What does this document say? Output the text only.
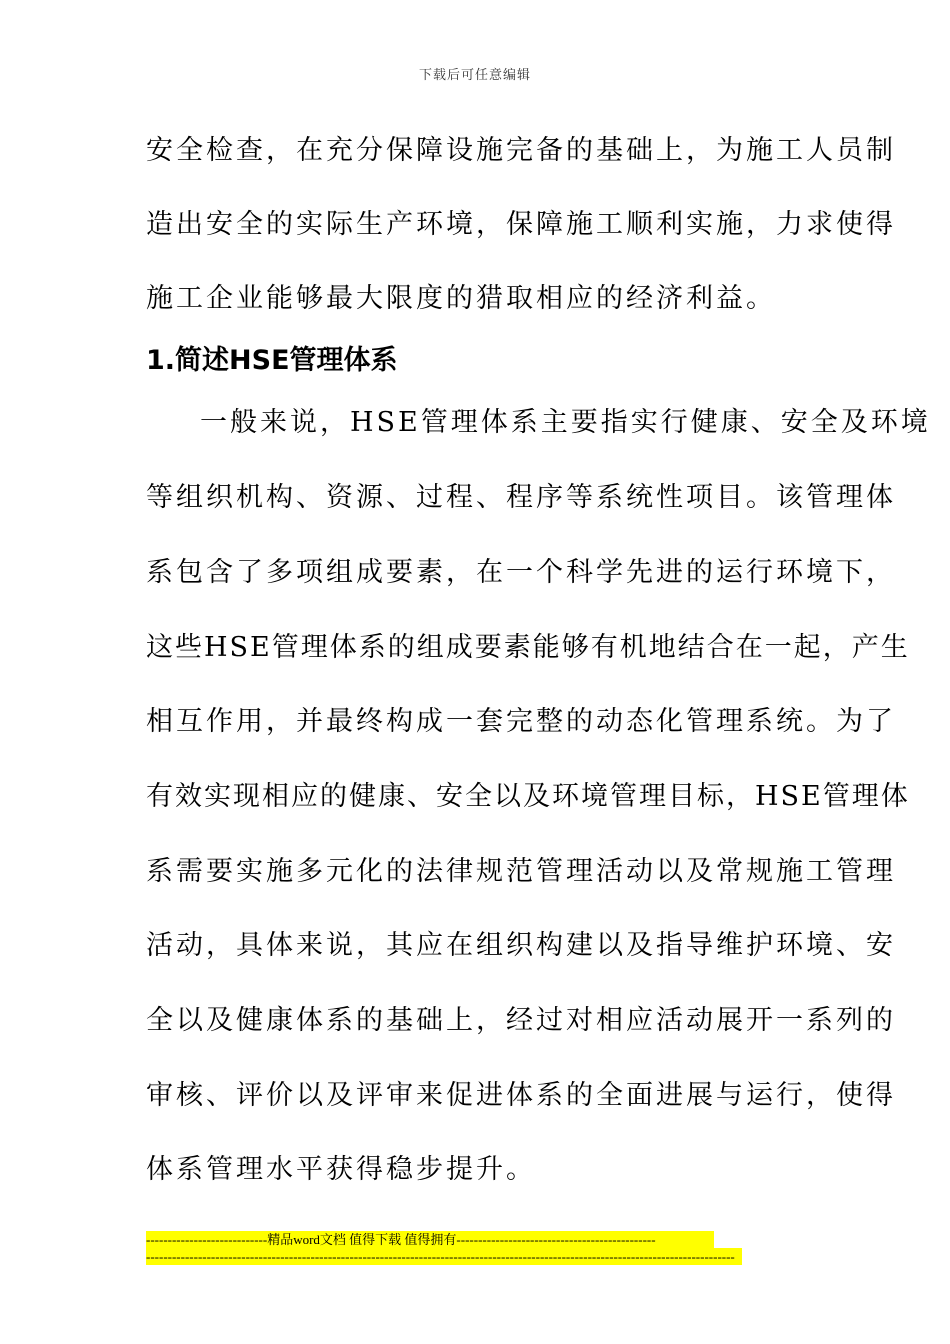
下载后可任意编辑
安全检查，在充分保障设施完备的基础上，为施工人员制
造出安全的实际生产环境，保障施工顺利实施，力求使得
施工企业能够最大限度的猎取相应的经济利益。
1.简述HSE管理体系
一般来说，HSE管理体系主要指实行健康、安全及环境
等组织机构、资源、过程、程序等系统性项目。该管理体
系包含了多项组成要素，在一个科学先进的运行环境下，
这些HSE管理体系的组成要素能够有机地结合在一起，产生
相互作用，并最终构成一套完整的动态化管理系统。为了
有效实现相应的健康、安全以及环境管理目标，HSE管理体
系需要实施多元化的法律规范管理活动以及常规施工管理
活动，具体来说，其应在组织构建以及指导维护环境、安
全以及健康体系的基础上，经过对相应活动展开一系列的
审核、评价以及评审来促进体系的全面进展与运行，使得
体系管理水平获得稳步提升。
----------------------------精品word文档 值得下载 值得拥有----------------------------------------------
----------------------------------------------------------------------------------------------------------------------------------------
